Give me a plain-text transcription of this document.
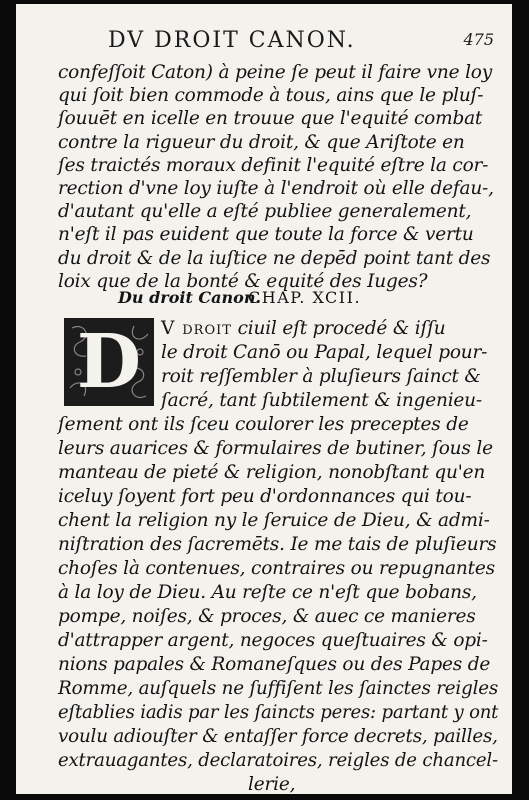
DV DROIT CANON.	475
confeſſoit Caton) à peine ſe peut il faire vne loy
qui ſoit bien commode à tous, ains que le pluſ-
ſouuēt en icelle en trouue que l'equité combat
contre la rigueur du droit, & que Ariſtote en
ſes traictés moraux definit l'equité eſtre la cor-
rection d'vne loy iuſte à l'endroit où elle defau-,
d'autant qu'elle a eſté publiee generalement,
n'eſt il pas euident que toute la force & vertu
du droit & de la iuſtice ne depēd point tant des
loix que de la bonté & equité des Iuges?
Du droit Canon.
CHAP. XCII.
D V droit ciuil eſt procedé & iſſu
le droit Canō ou Papal, lequel pour-
roit reſſembler à pluſieurs ſainct &
ſacré, tant ſubtilement & ingenieu-
ſement ont ils ſceu coulorer les preceptes de
leurs auarices & formulaires de butiner, ſous le
manteau de pieté & religion, nonobſtant qu'en
iceluy ſoyent fort peu d'ordonnances qui tou-
chent la religion ny le ſeruice de Dieu, & admi-
niſtration des ſacremēts. Ie me tais de pluſieurs
choſes là contenues, contraires ou repugnantes
à la loy de Dieu. Au reſte ce n'eſt que bobans,
pompe, noiſes, & proces, & auec ce manieres
d'attrapper argent, negoces queſtuaires & opi-
nions papales & Romaneſques ou des Papes de
Romme, auſquels ne ſuffiſent les ſainctes reigles
eſtablies iadis par les ſaincts peres: partant y ont
voulu adiouſter & entaſſer force decrets, pailles,
extrauagantes, declaratoires, reigles de chancel-
lerie,
